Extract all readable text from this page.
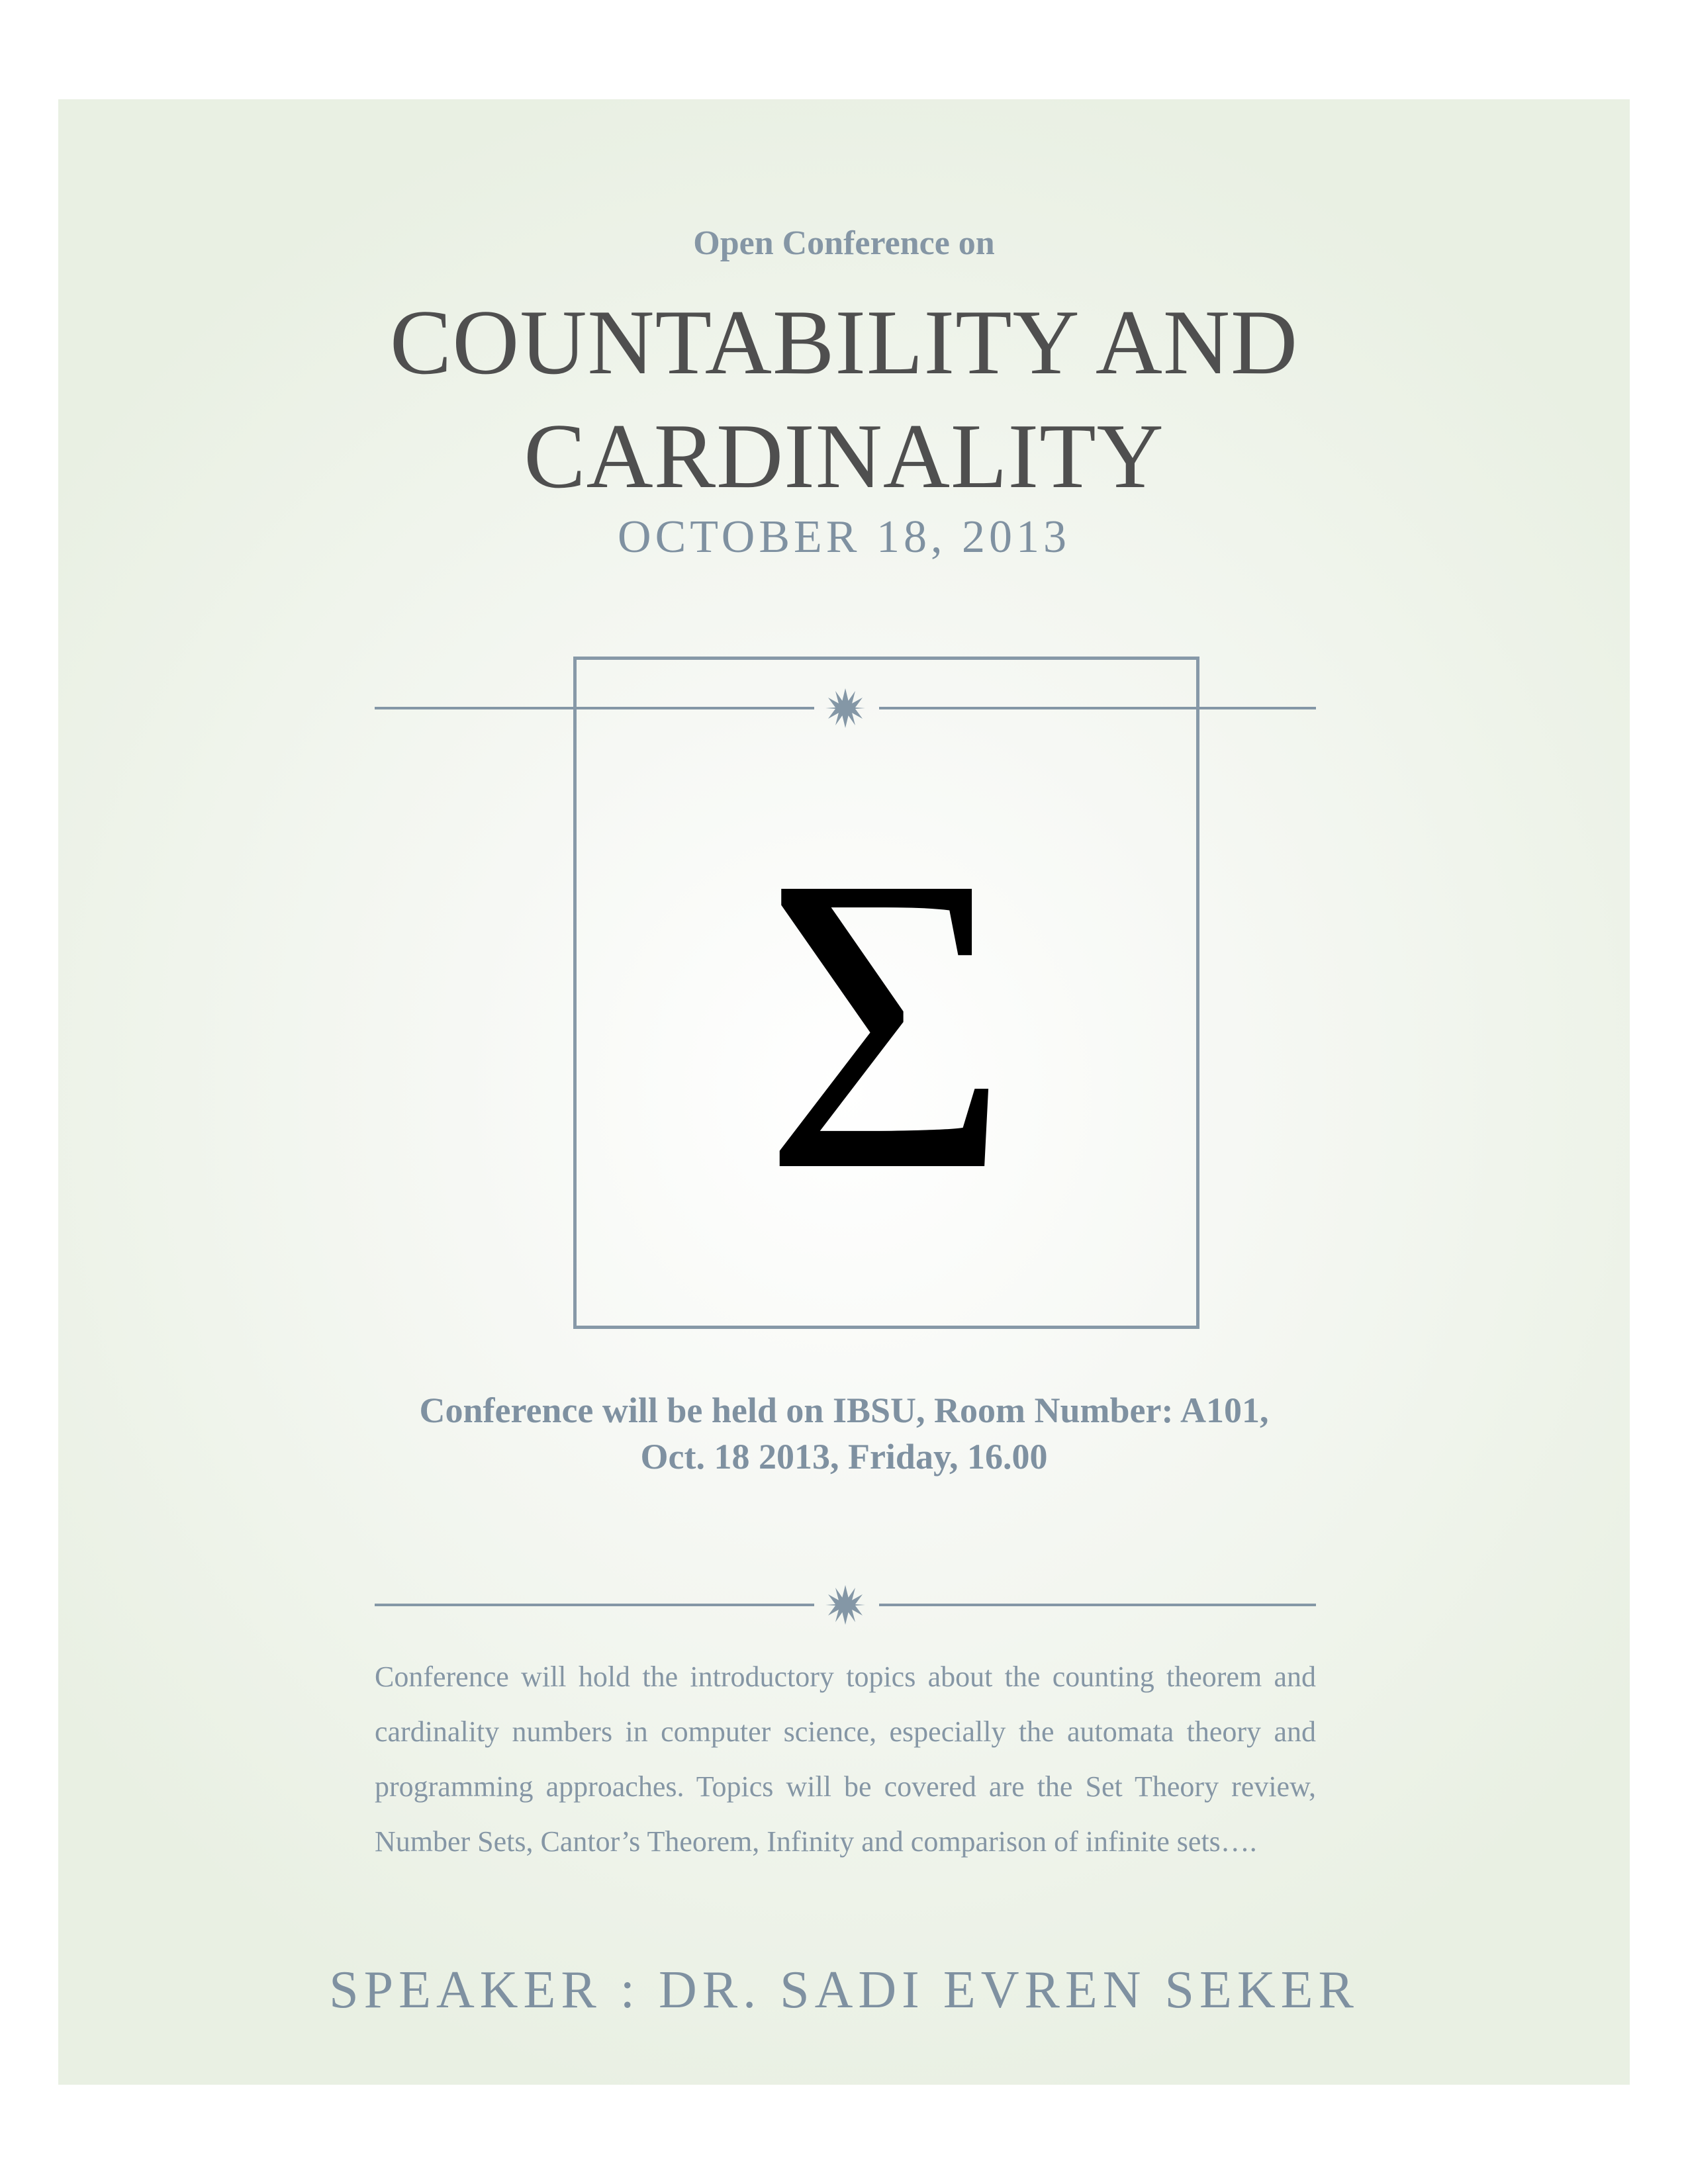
Open Conference on
COUNTABILITY AND
CARDINALITY
OCTOBER 18, 2013
Σ
Conference will be held on IBSU, Room Number: A101,
Oct. 18 2013, Friday, 16.00
Conference will hold the introductory topics about the counting theorem and cardinality numbers in computer science, especially the automata theory and programming approaches. Topics will be covered are the Set Theory review, Number Sets, Cantor’s Theorem, Infinity and comparison of infinite sets….
SPEAKER : DR. SADI EVREN SEKER
